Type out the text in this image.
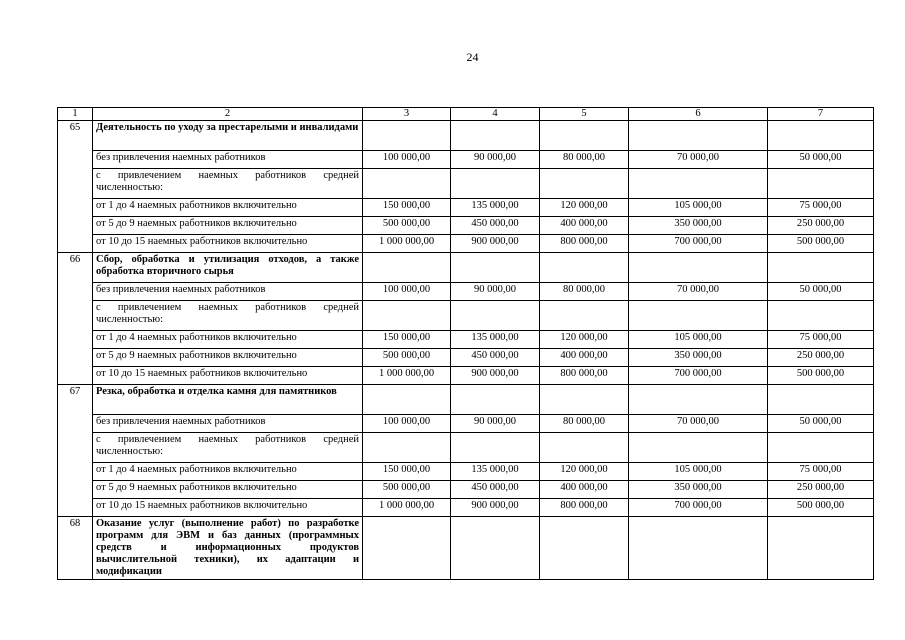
24
1	2	3	4	5	6	7
65	Деятельность по уходу за престарелыми и инвалидами					
	без привлечения наемных работников	100 000,00	90 000,00	80 000,00	70 000,00	50 000,00
	с привлечением наемных работников средней численностью:					
	от 1 до 4 наемных работников включительно	150 000,00	135 000,00	120 000,00	105 000,00	75 000,00
	от 5 до 9 наемных работников включительно	500 000,00	450 000,00	400 000,00	350 000,00	250 000,00
	от 10 до 15 наемных работников включительно	1 000 000,00	900 000,00	800 000,00	700 000,00	500 000,00
66	Сбор, обработка и утилизация отходов, а также обработка вторичного сырья					
	без привлечения наемных работников	100 000,00	90 000,00	80 000,00	70 000,00	50 000,00
	с привлечением наемных работников средней численностью:					
	от 1 до 4 наемных работников включительно	150 000,00	135 000,00	120 000,00	105 000,00	75 000,00
	от 5 до 9 наемных работников включительно	500 000,00	450 000,00	400 000,00	350 000,00	250 000,00
	от 10 до 15 наемных работников включительно	1 000 000,00	900 000,00	800 000,00	700 000,00	500 000,00
67	Резка, обработка и отделка камня для памятников					
	без привлечения наемных работников	100 000,00	90 000,00	80 000,00	70 000,00	50 000,00
	с привлечением наемных работников средней численностью:					
	от 1 до 4 наемных работников включительно	150 000,00	135 000,00	120 000,00	105 000,00	75 000,00
	от 5 до 9 наемных работников включительно	500 000,00	450 000,00	400 000,00	350 000,00	250 000,00
	от 10 до 15 наемных работников включительно	1 000 000,00	900 000,00	800 000,00	700 000,00	500 000,00
68	Оказание услуг (выполнение работ) по разработке программ для ЭВМ и баз данных (программных средств и информационных продуктов вычислительной техники), их адаптации и модификации					
